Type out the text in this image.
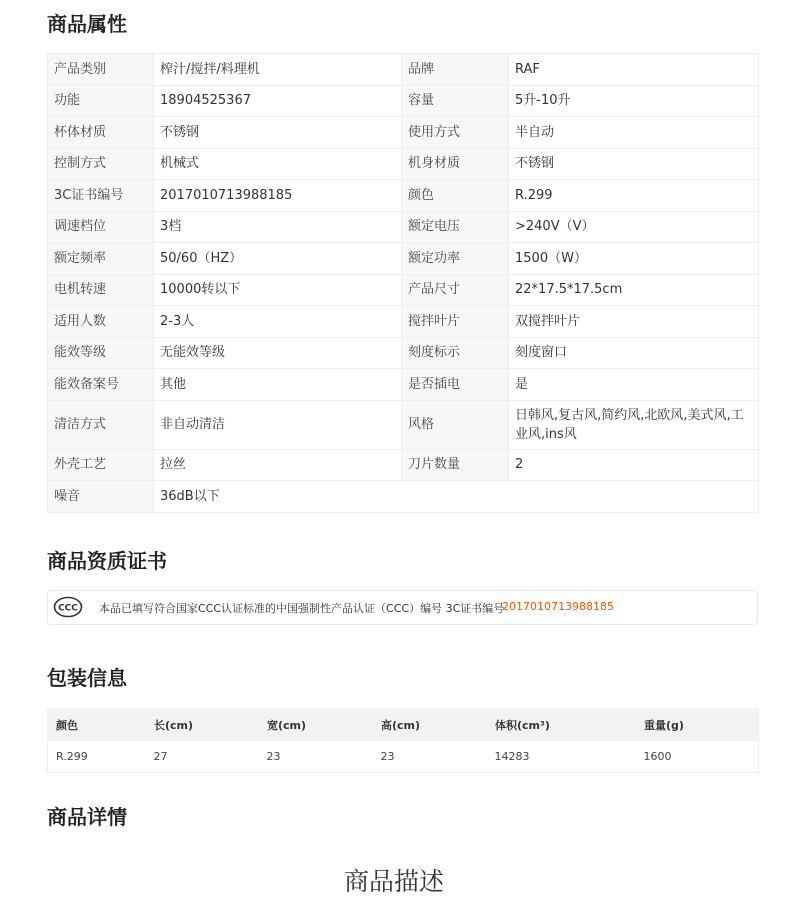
商品属性
产品类别	榨汁/搅拌/料理机	品牌	RAF
功能	18904525367	容量	5升-10升
杯体材质	不锈钢	使用方式	半自动
控制方式	机械式	机身材质	不锈钢
3C证书编号	2017010713988185	颜色	R.299
调速档位	3档	额定电压	>240V（V）
额定频率	50/60（HZ）	额定功率	1500（W）
电机转速	10000转以下	产品尺寸	22*17.5*17.5cm
适用人数	2-3人	搅拌叶片	双搅拌叶片
能效等级	无能效等级	刻度标示	刻度窗口
能效备案号	其他	是否插电	是
清洁方式	非自动清洁	风格	日韩风,复古风,简约风,北欧风,美式风,工业风,ins风
外壳工艺	拉丝	刀片数量	2
噪音	36dB以下		
商品资质证书
CCC 本品已填写符合国家CCC认证标准的中国强制性产品认证（CCC）编号 3C证书编号
2017010713988185
包装信息
颜色	长(cm)	宽(cm)	高(cm)	体积(cm³)	重量(g)
R.299	27	23	23	14283	1600
商品详情
商品描述
